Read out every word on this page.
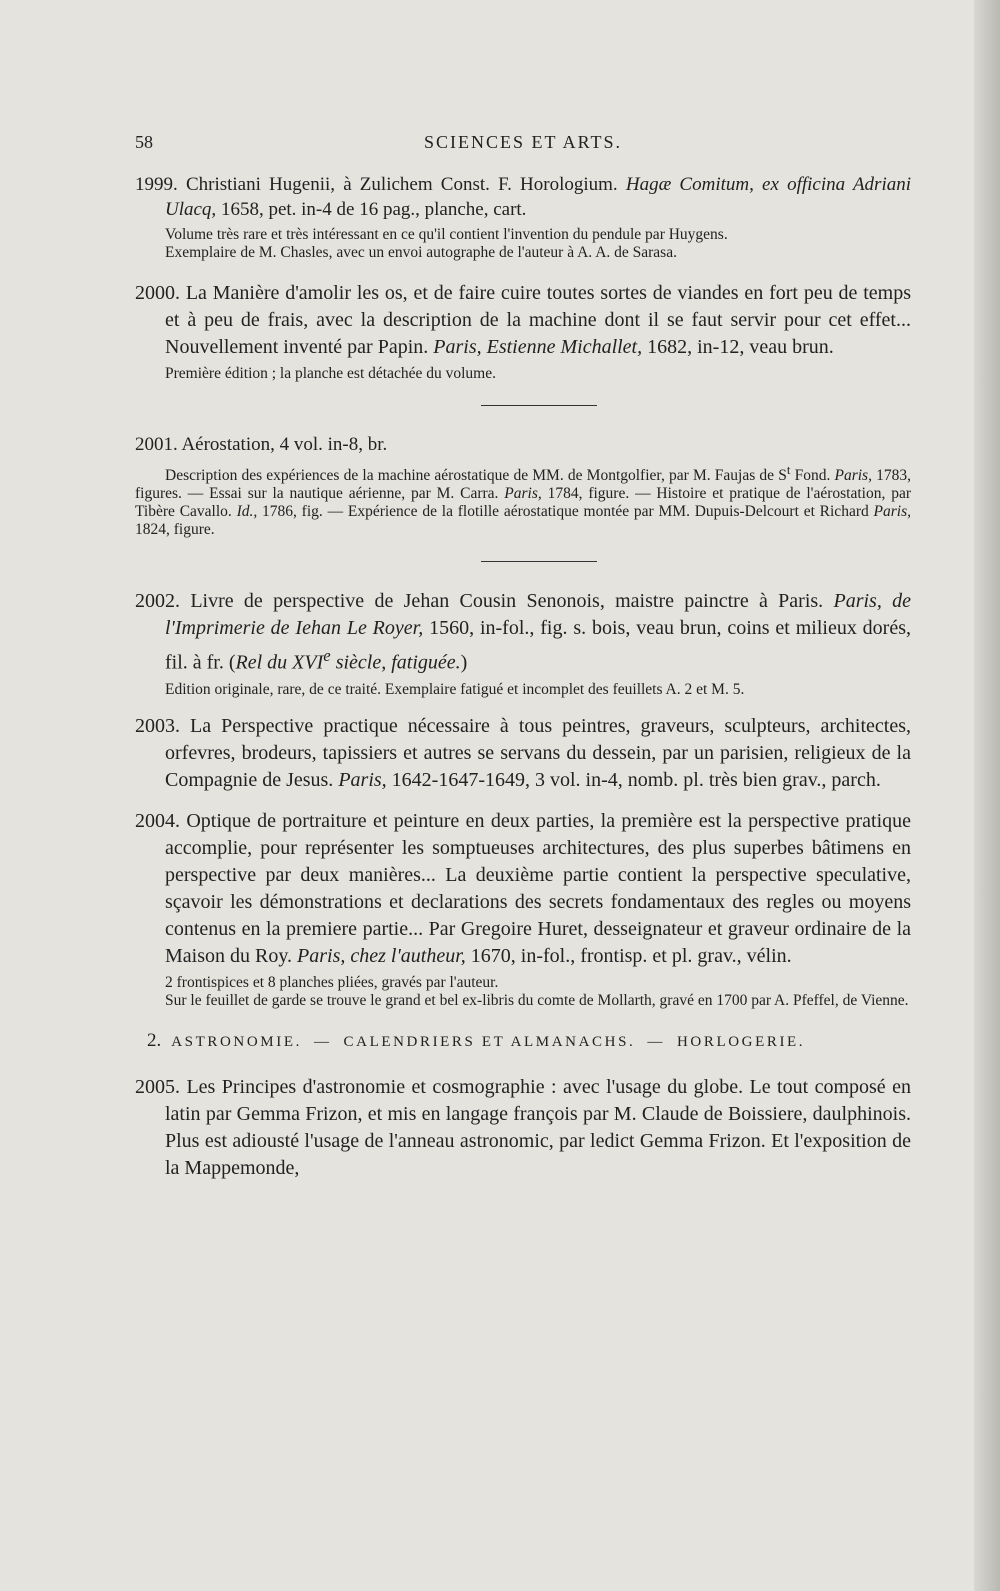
58	SCIENCES ET ARTS.

1999. Christiani Hugenii, à Zulichem Const. F. Horologium. Hagæ Comitum, ex officina Adriani Ulacq, 1658, pet. in-4 de 16 pag., planche, cart.

Volume très rare et très intéressant en ce qu'il contient l'invention du pendule par Huygens.

Exemplaire de M. Chasles, avec un envoi autographe de l'auteur à A. A. de Sarasa.

2000. La Manière d'amolir les os, et de faire cuire toutes sortes de viandes en fort peu de temps et à peu de frais, avec la description de la machine dont il se faut servir pour cet effet... Nouvellement inventé par Papin. Paris, Estienne Michallet, 1682, in-12, veau brun.

Première édition ; la planche est détachée du volume.

2001. Aérostation, 4 vol. in-8, br.

Description des expériences de la machine aérostatique de MM. de Montgolfier, par M. Faujas de $S^t$ Fond. Paris, 1783, figures. — Essai sur la nautique aérienne, par M. Carra. Paris, 1784, figure. — Histoire et pratique de l'aérostation, par Tibère Cavallo. Id., 1786, fig. — Expérience de la flotille aérostatique montée par MM. Dupuis-Delcourt et Richard Paris, 1824, figure.

2002. Livre de perspective de Jehan Cousin Senonois, maistre painctre à Paris. Paris, de l'Imprimerie de Iehan Le Royer, 1560, in-fol., fig. s. bois, veau brun, coins et milieux dorés, fil. à fr. (Rel du XVIe siècle, fatiguée.)

Edition originale, rare, de ce traité. Exemplaire fatigué et incomplet des feuillets A. 2 et M. 5.

2003. La Perspective practique nécessaire à tous peintres, graveurs, sculpteurs, architectes, orfevres, brodeurs, tapissiers et autres se servans du dessein, par un parisien, religieux de la Compagnie de Jesus. Paris, 1642-1647-1649, 3 vol. in-4, nomb. pl. très bien grav., parch.

2004. Optique de portraiture et peinture en deux parties, la première est la perspective pratique accomplie, pour représenter les somptueuses architectures, des plus superbes bâtimens en perspective par deux manières... La deuxième partie contient la perspective speculative, sçavoir les démonstrations et declarations des secrets fondamentaux des regles ou moyens contenus en la premiere partie... Par Gregoire Huret, desseignateur et graveur ordinaire de la Maison du Roy. Paris, chez l'autheur, 1670, in-fol., frontisp. et pl. grav., vélin.

2 frontispices et 8 planches pliées, gravés par l'auteur.

Sur le feuillet de garde se trouve le grand et bel ex-libris du comte de Mollarth, gravé en 1700 par A. Pfeffel, de Vienne.

2. ASTRONOMIE. — CALENDRIERS ET ALMANACHS. — HORLOGERIE.

2005. Les Principes d'astronomie et cosmographie : avec l'usage du globe. Le tout composé en latin par Gemma Frizon, et mis en langage françois par M. Claude de Boissiere, daulphinois. Plus est adiousté l'usage de l'anneau astronomic, par ledict Gemma Frizon. Et l'exposition de la Mappemonde,
